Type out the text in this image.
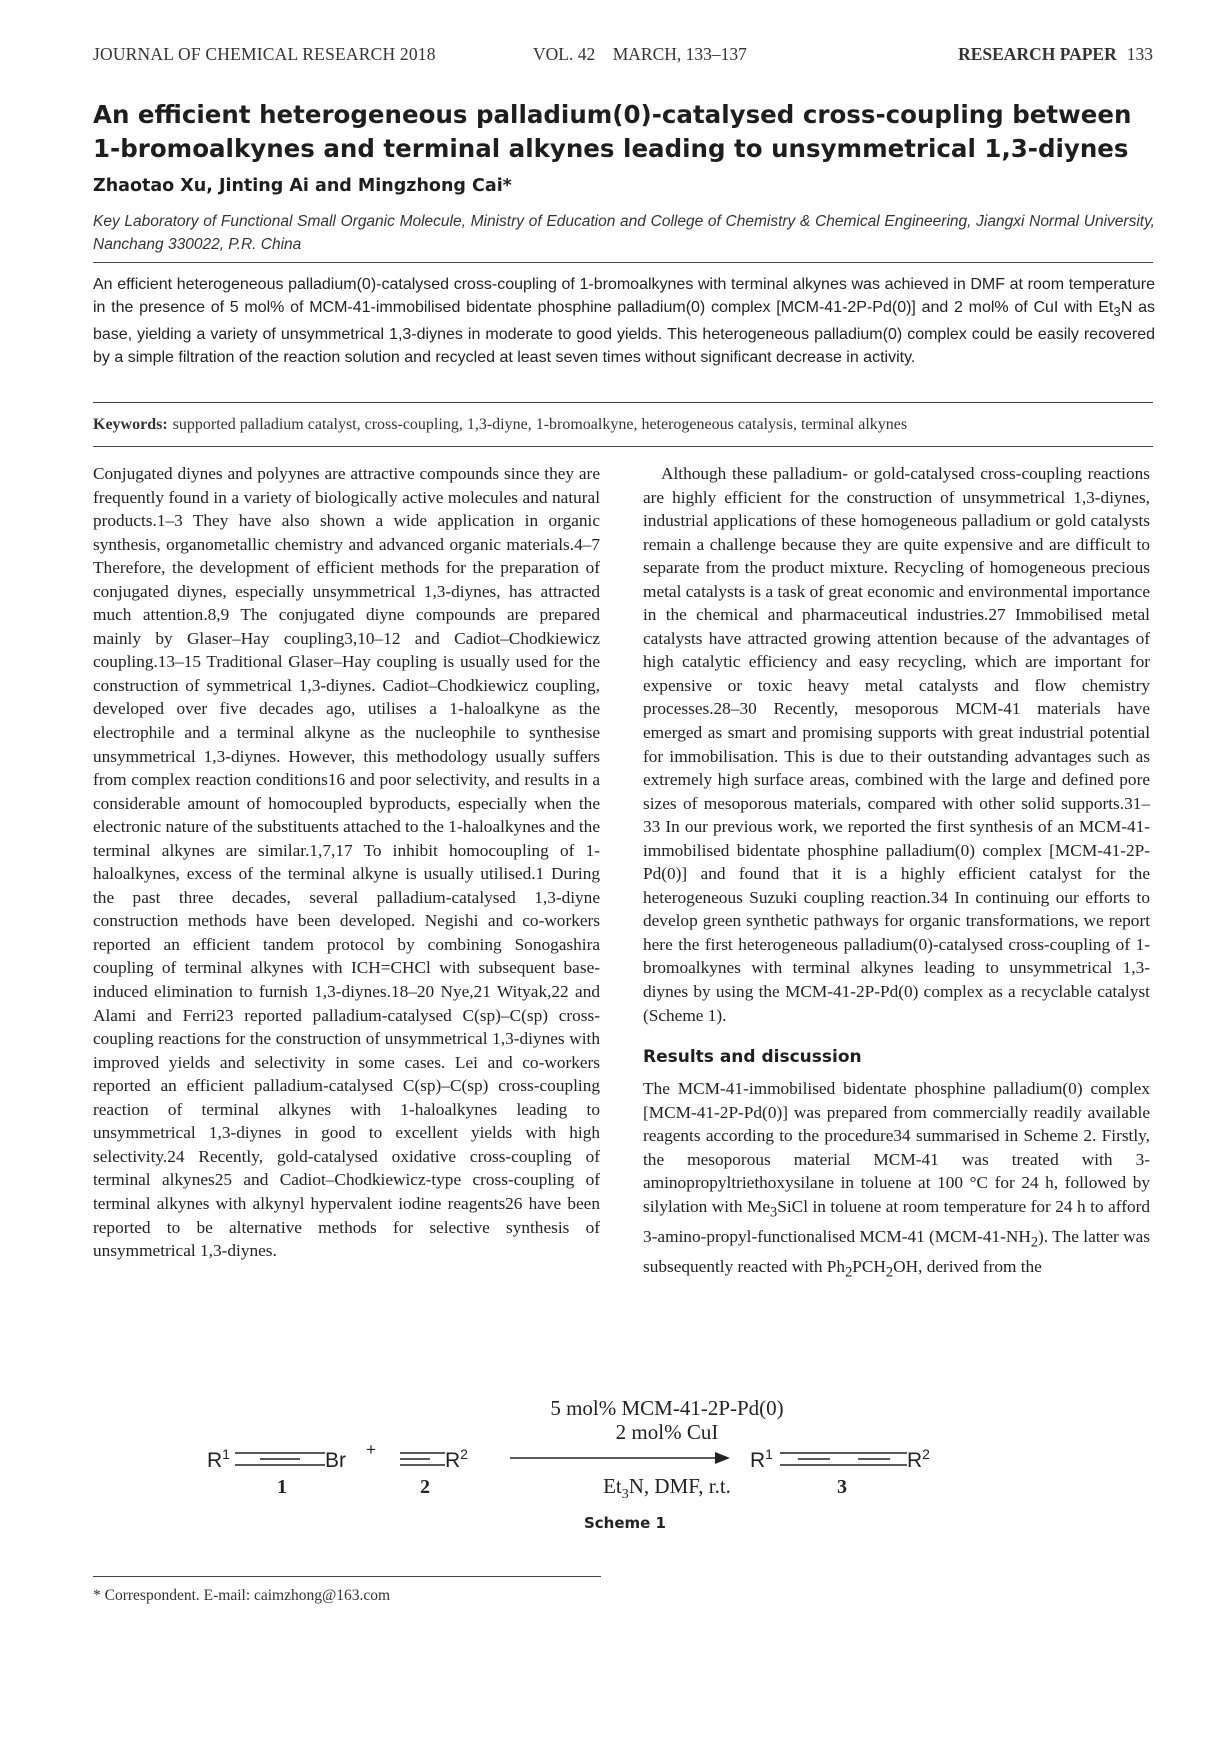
JOURNAL OF CHEMICAL RESEARCH 2018	VOL. 42    MARCH, 133–137	RESEARCH PAPER 133
An efficient heterogeneous palladium(0)-catalysed cross-coupling between 1-bromoalkynes and terminal alkynes leading to unsymmetrical 1,3-diynes

Zhaotao Xu, Jinting Ai and Mingzhong Cai*

Key Laboratory of Functional Small Organic Molecule, Ministry of Education and College of Chemistry & Chemical Engineering, Jiangxi Normal University, Nanchang 330022, P.R. China

An efficient heterogeneous palladium(0)-catalysed cross-coupling of 1-bromoalkynes with terminal alkynes was achieved in DMF at room temperature in the presence of 5 mol% of MCM-41-immobilised bidentate phosphine palladium(0) complex [MCM-41-2P-Pd(0)] and 2 mol% of CuI with $Et_3N$ as base, yielding a variety of unsymmetrical 1,3-diynes in moderate to good yields. This heterogeneous palladium(0) complex could be easily recovered by a simple filtration of the reaction solution and recycled at least seven times without significant decrease in activity.

Keywords: supported palladium catalyst, cross-coupling, 1,3-diyne, 1-bromoalkyne, heterogeneous catalysis, terminal alkynes

Conjugated diynes and polyynes are attractive compounds since they are frequently found in a variety of biologically active molecules and natural products.1–3 They have also shown a wide application in organic synthesis, organometallic chemistry and advanced organic materials.4–7 Therefore, the development of efficient methods for the preparation of conjugated diynes, especially unsymmetrical 1,3-diynes, has attracted much attention.8,9 The conjugated diyne compounds are prepared mainly by Glaser–Hay coupling3,10–12 and Cadiot–Chodkiewicz coupling.13–15 Traditional Glaser–Hay coupling is usually used for the construction of symmetrical 1,3-diynes. Cadiot–Chodkiewicz coupling, developed over five decades ago, utilises a 1-haloalkyne as the electrophile and a terminal alkyne as the nucleophile to synthesise unsymmetrical 1,3-diynes. However, this methodology usually suffers from complex reaction conditions16 and poor selectivity, and results in a considerable amount of homocoupled byproducts, especially when the electronic nature of the substituents attached to the 1-haloalkynes and the terminal alkynes are similar.1,7,17 To inhibit homocoupling of 1-haloalkynes, excess of the terminal alkyne is usually utilised.1 During the past three decades, several palladium-catalysed 1,3-diyne construction methods have been developed. Negishi and co-workers reported an efficient tandem protocol by combining Sonogashira coupling of terminal alkynes with ICH=CHCl with subsequent base-induced elimination to furnish 1,3-diynes.18–20 Nye,21 Wityak,22 and Alami and Ferri23 reported palladium-catalysed C(sp)–C(sp) cross-coupling reactions for the construction of unsymmetrical 1,3-diynes with improved yields and selectivity in some cases. Lei and co-workers reported an efficient palladium-catalysed C(sp)–C(sp) cross-coupling reaction of terminal alkynes with 1-haloalkynes leading to unsymmetrical 1,3-diynes in good to excellent yields with high selectivity.24 Recently, gold-catalysed oxidative cross-coupling of terminal alkynes25 and Cadiot–Chodkiewicz-type cross-coupling of terminal alkynes with alkynyl hypervalent iodine reagents26 have been reported to be alternative methods for selective synthesis of unsymmetrical 1,3-diynes.

Although these palladium- or gold-catalysed cross-coupling reactions are highly efficient for the construction of unsymmetrical 1,3-diynes, industrial applications of these homogeneous palladium or gold catalysts remain a challenge because they are quite expensive and are difficult to separate from the product mixture. Recycling of homogeneous precious metal catalysts is a task of great economic and environmental importance in the chemical and pharmaceutical industries.27 Immobilised metal catalysts have attracted growing attention because of the advantages of high catalytic efficiency and easy recycling, which are important for expensive or toxic heavy metal catalysts and flow chemistry processes.28–30 Recently, mesoporous MCM-41 materials have emerged as smart and promising supports with great industrial potential for immobilisation. This is due to their outstanding advantages such as extremely high surface areas, combined with the large and defined pore sizes of mesoporous materials, compared with other solid supports.31–33 In our previous work, we reported the first synthesis of an MCM-41-immobilised bidentate phosphine palladium(0) complex [MCM-41-2P-Pd(0)] and found that it is a highly efficient catalyst for the heterogeneous Suzuki coupling reaction.34 In continuing our efforts to develop green synthetic pathways for organic transformations, we report here the first heterogeneous palladium(0)-catalysed cross-coupling of 1-bromoalkynes with terminal alkynes leading to unsymmetrical 1,3-diynes by using the MCM-41-2P-Pd(0) complex as a recyclable catalyst (Scheme 1).

Results and discussion

The MCM-41-immobilised bidentate phosphine palladium(0) complex [MCM-41-2P-Pd(0)] was prepared from commercially readily available reagents according to the procedure34 summarised in Scheme 2. Firstly, the mesoporous material MCM-41 was treated with 3-aminopropyltriethoxysilane in toluene at 100 °C for 24 h, followed by silylation with $Me_3SiCl$ in toluene at room temperature for 24 h to afford 3-amino-propyl-functionalised MCM-41 $(MCM-41-NH_2)$. The latter was subsequently reacted with $Ph_2PCH_2OH$, derived from the

5 mol% MCM-41-2P-Pd(0)
2 mol% CuI
$Et_3N$, DMF, r.t.
$R^1$	Br +	$R^2$	$R^1$	$R^2$
1	2	3
Scheme 1

* Correspondent. E-mail: caimzhong@163.com
